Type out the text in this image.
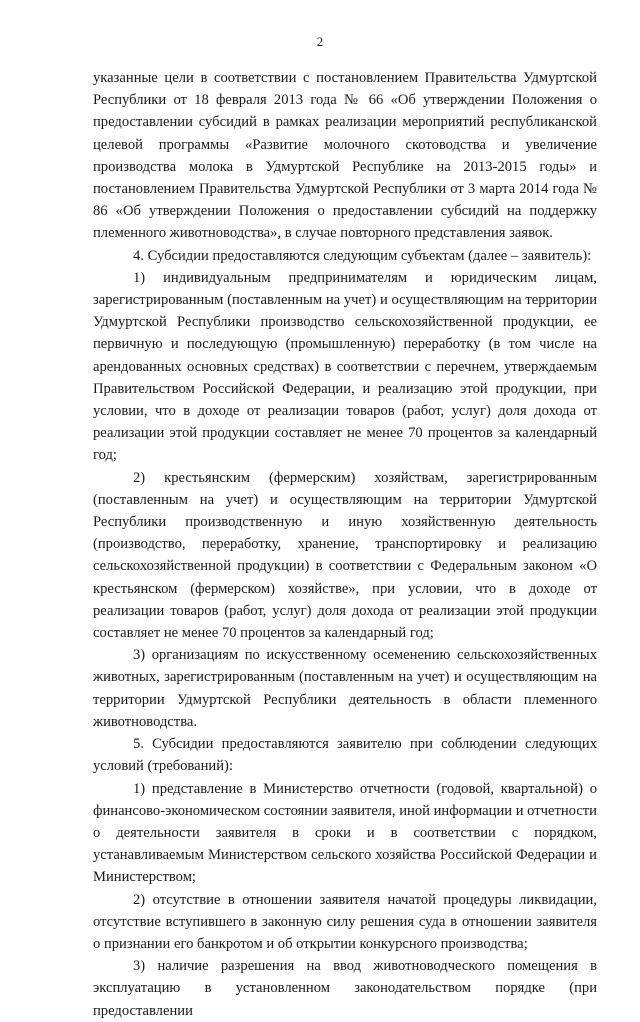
2

указанные цели в соответствии с постановлением Правительства Удмуртской Республики от 18 февраля 2013 года № 66 «Об утверждении Положения о предоставлении субсидий в рамках реализации мероприятий республиканской целевой программы «Развитие молочного скотоводства и увеличение производства молока в Удмуртской Республике на 2013-2015 годы» и постановлением Правительства Удмуртской Республики от 3 марта 2014 года № 86 «Об утверждении Положения о предоставлении субсидий на поддержку племенного животноводства», в случае повторного представления заявок.

4. Субсидии предоставляются следующим субъектам (далее – заявитель):

1) индивидуальным предпринимателям и юридическим лицам, зарегистрированным (поставленным на учет) и осуществляющим на территории Удмуртской Республики производство сельскохозяйственной продукции, ее первичную и последующую (промышленную) переработку (в том числе на арендованных основных средствах) в соответствии с перечнем, утверждаемым Правительством Российской Федерации, и реализацию этой продукции, при условии, что в доходе от реализации товаров (работ, услуг) доля дохода от реализации этой продукции составляет не менее 70 процентов за календарный год;

2) крестьянским (фермерским) хозяйствам, зарегистрированным (поставленным на учет) и осуществляющим на территории Удмуртской Республики производственную и иную хозяйственную деятельность (производство, переработку, хранение, транспортировку и реализацию сельскохозяйственной продукции) в соответствии с Федеральным законом «О крестьянском (фермерском) хозяйстве», при условии, что в доходе от реализации товаров (работ, услуг) доля дохода от реализации этой продукции составляет не менее 70 процентов за календарный год;

3) организациям по искусственному осеменению сельскохозяйственных животных, зарегистрированным (поставленным на учет) и осуществляющим на территории Удмуртской Республики деятельность в области племенного животноводства.

5. Субсидии предоставляются заявителю при соблюдении следующих условий (требований):

1) представление в Министерство отчетности (годовой, квартальной) о финансово-экономическом состоянии заявителя, иной информации и отчетности о деятельности заявителя в сроки и в соответствии с порядком, устанавливаемым Министерством сельского хозяйства Российской Федерации и Министерством;

2) отсутствие в отношении заявителя начатой процедуры ликвидации, отсутствие вступившего в законную силу решения суда в отношении заявителя о признании его банкротом и об открытии конкурсного производства;

3) наличие разрешения на ввод животноводческого помещения в эксплуатацию в установленном законодательством порядке (при предоставлении
